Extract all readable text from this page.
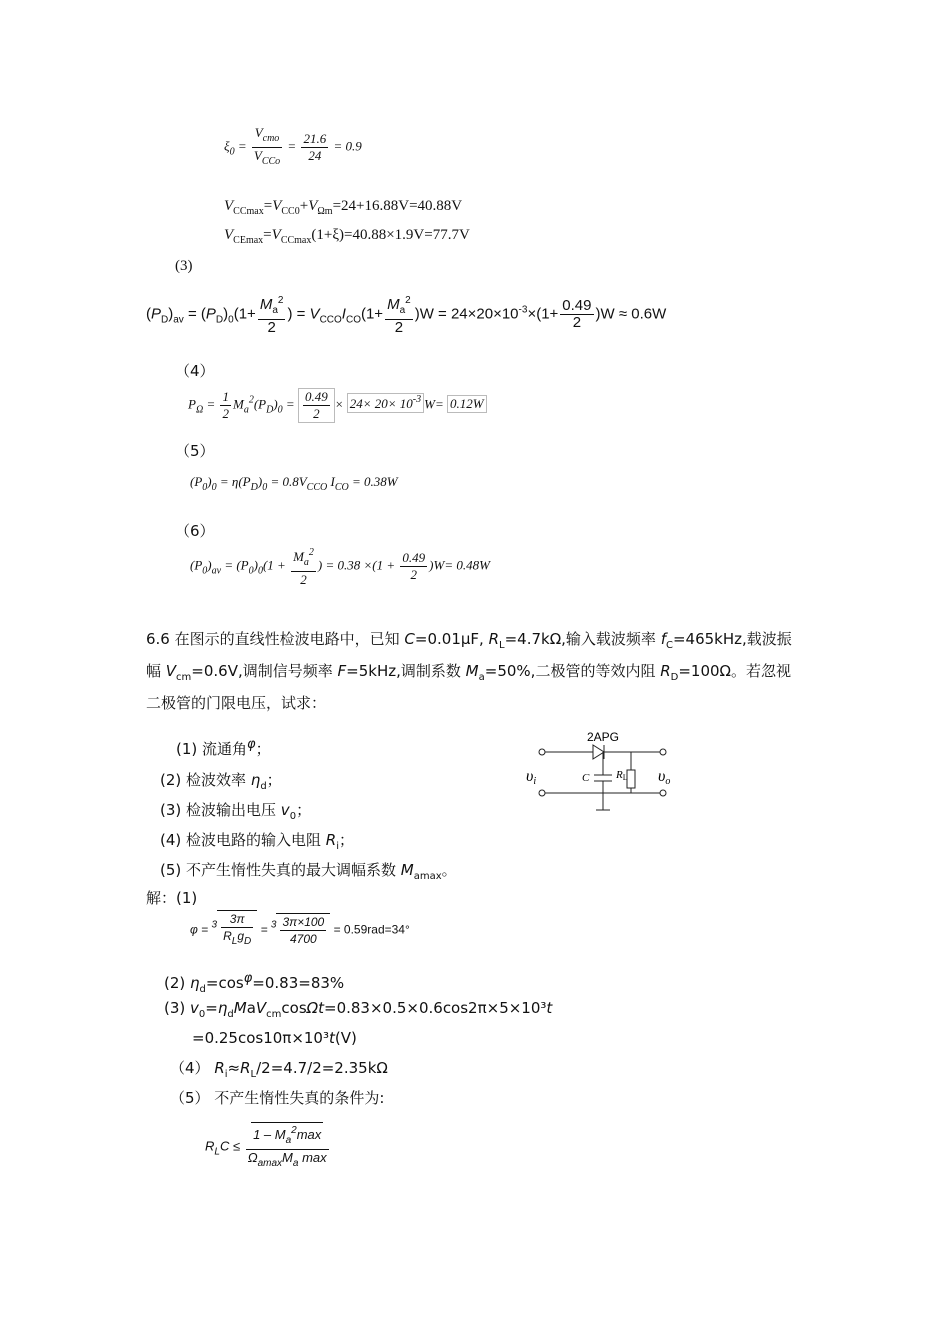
$\xi_0 = \frac{V_{cmo}}{V_{CCo}} = \frac{21.6}{24} = 0.9$
$V_{CCmax}=V_{CC0}+V_{\Omega m}=24+16.88V=40.88V$
$V_{CEmax}=V_{CCmax}(1+\xi)=40.88\times 1.9V=77.7V$
(3)
$(P_D)_{av} = (P_D)_0(1+ \frac{M_a^2}{2}$ ) = $V_{CCO}I_{CO}(1+ \frac{M_a^2}{2} )W = 24\times 20\times 10^{-3}\times(1+ \frac{0.49}{2} )W \approx 0.6W$
（4）
$P_\Omega = \frac{1}{2} M_a^2(P_D)_0 = \frac{0.49}{2} \times 24\times 20\times 10^{-3}$ W= 0.12W
（5）
$(P_0)_0 = \eta(P_D)_0 = 0.8V_{CCO}$ $I_{CO} = 0.38W$
（6）
$(P_0)_{av} = (P_0)_0(1 + \frac{M_a^2}{2}$ ) = $0.38 \times(1 + \frac{0.49}{2} )W= 0.48W$
6.6 在图示的直线性检波电路中，已知 C=0.01μF, $R_L=4.7k\Omega$,输入载波频率 $f_C=465kHz$,载波振
幅 $V_{cm}=0.6V$,调制信号频率 F=5kHz,调制系数 $M_a=50\%$,二极管的等效内阻 $R_D=100\Omega$。若忽视
二极管的门限电压，试求：
(1) 流通角$^\varphi$；
(2) 检波效率 $\eta_d$；
(3) 检波输出电压 $v_0$；
(4) 检波电路的输入电阻 $R_i$；
(5) 不产生惰性失真的最大调幅系数 $M_{amax}$。
2APG
υi	C RL υo
解：(1)
$\varphi = ^3 \frac{3\pi}{R_Lg_D} = ^3 \frac{3\pi\times 100}{4700} = 0.59rad=34^\circ$
(2) $\eta_d=\cos^\varphi=0.83=83\%$
(3) $v_0=\eta_dMaV_{cm}\cos\Omega t=0.83\times 0.5\times 0.6\cos 2\pi\times 5\times 10^3t$
=0.25cos10π×10³t(V)
（4） $R_i\approx R_L/2=4.7/2=2.35k\Omega$
（5） 不产生惰性失真的条件为:
$R_LC \le \frac{1 - M_a^2\max}{\Omega_{amax}M_a \max}$
